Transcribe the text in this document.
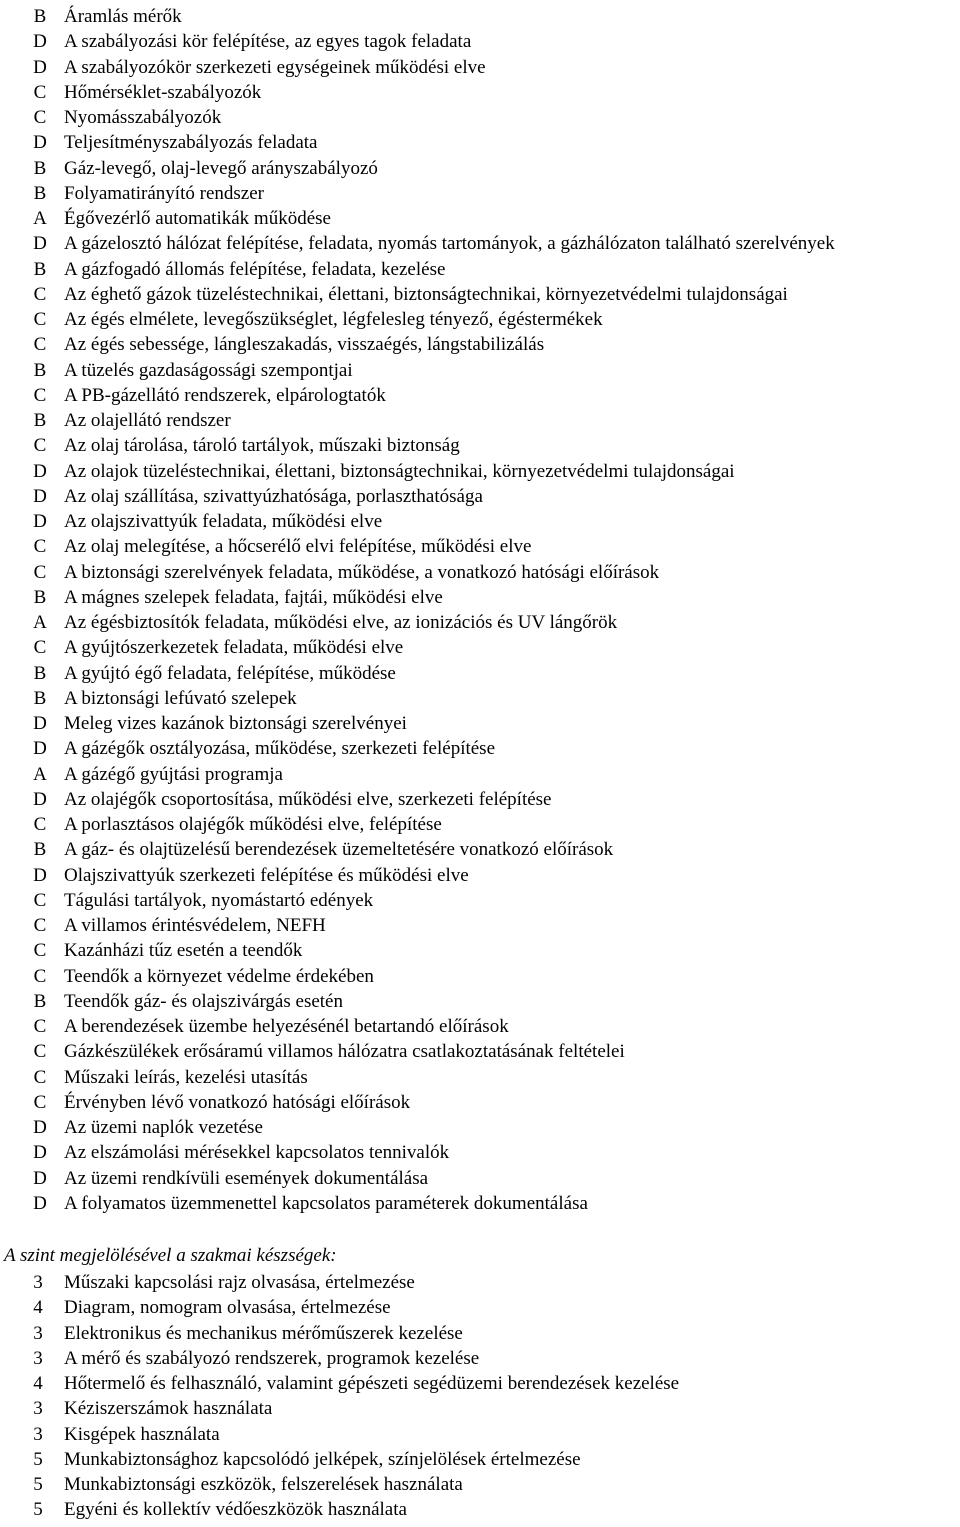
B Áramlás mérők
D A szabályozási kör felépítése, az egyes tagok feladata
D A szabályozókör szerkezeti egységeinek működési elve
C Hőmérséklet-szabályozók
C Nyomásszabályozók
D Teljesítményszabályozás feladata
B Gáz-levegő, olaj-levegő arányszabályozó
B Folyamatirányító rendszer
A Égővezérlő automatikák működése
D A gázelosztó hálózat felépítése, feladata, nyomás tartományok, a gázhálózaton található szerelvények
B A gázfogadó állomás felépítése, feladata, kezelése
C Az éghető gázok tüzeléstechnikai, élettani, biztonságtechnikai, környezetvédelmi tulajdonságai
C Az égés elmélete, levegőszükséglet, légfelesleg tényező, égéstermékek
C Az égés sebessége, lángleszakadás, visszaégés, lángstabilizálás
B A tüzelés gazdaságossági szempontjai
C A PB-gázellátó rendszerek, elpárologtatók
B Az olajellátó rendszer
C Az olaj tárolása, tároló tartályok, műszaki biztonság
D Az olajok tüzeléstechnikai, élettani, biztonságtechnikai, környezetvédelmi tulajdonságai
D Az olaj szállítása, szivattyúzhatósága, porlaszthatósága
D Az olajszivattyúk feladata, működési elve
C Az olaj melegítése, a hőcserélő elvi felépítése, működési elve
C A biztonsági szerelvények feladata, működése, a vonatkozó hatósági előírások
B A mágnes szelepek feladata, fajtái, működési elve
A Az égésbiztosítók feladata, működési elve, az ionizációs és UV lángőrök
C A gyújtószerkezetek feladata, működési elve
B A gyújtó égő feladata, felépítése, működése
B A biztonsági lefúvató szelepek
D Meleg vizes kazánok biztonsági szerelvényei
D A gázégők osztályozása, működése, szerkezeti felépítése
A A gázégő gyújtási programja
D Az olajégők csoportosítása, működési elve, szerkezeti felépítése
C A porlasztásos olajégők működési elve, felépítése
B A gáz- és olajtüzelésű berendezések üzemeltetésére vonatkozó előírások
D Olajszivattyúk szerkezeti felépítése és működési elve
C Tágulási tartályok, nyomástartó edények
C A villamos érintésvédelem, NEFH
C Kazánházi tűz esetén a teendők
C Teendők a környezet védelme érdekében
B Teendők gáz- és olajszivárgás esetén
C A berendezések üzembe helyezésénél betartandó előírások
C Gázkészülékek erősáramú villamos hálózatra csatlakoztatásának feltételei
C Műszaki leírás, kezelési utasítás
C Érvényben lévő vonatkozó hatósági előírások
D Az üzemi naplók vezetése
D Az elszámolási mérésekkel kapcsolatos tennivalók
D Az üzemi rendkívüli események dokumentálása
D A folyamatos üzemmenettel kapcsolatos paraméterek dokumentálása
A szint megjelölésével a szakmai készségek:
3 Műszaki kapcsolási rajz olvasása, értelmezése
4 Diagram, nomogram olvasása, értelmezése
3 Elektronikus és mechanikus mérőműszerek kezelése
3 A mérő és szabályozó rendszerek, programok kezelése
4 Hőtermelő és felhasználó, valamint gépészeti segédüzemi berendezések kezelése
3 Kéziszerszámok használata
3 Kisgépek használata
5 Munkabiztonsághoz kapcsolódó jelképek, színjelölések értelmezése
5 Munkabiztonsági eszközök, felszerelések használata
5 Egyéni és kollektív védőeszközök használata
